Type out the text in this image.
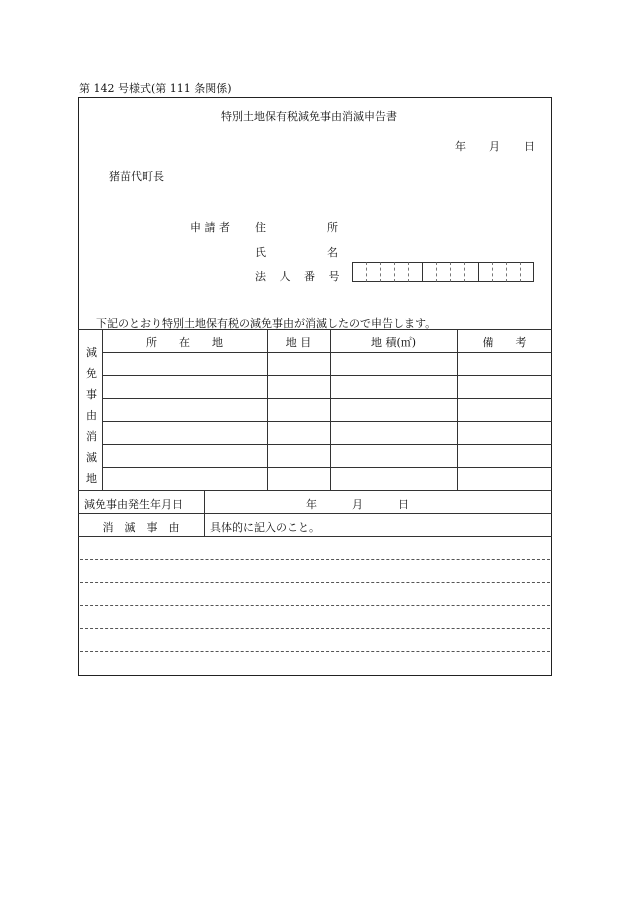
第 142 号様式(第 111 条関係)
特別土地保有税減免事由消滅申告書
年 月 日
猪苗代町長
申 請 者 住	所
氏	名
法 人 番 号
下記のとおり特別土地保有税の減免事由が消滅したので申告します。
減
免
事
由
消
滅
地
所　　在　　地	地 目	地 積(㎡)	備　　考
減免事由発生年月日	年	月	日
消　滅　事　由	具体的に記入のこと。
